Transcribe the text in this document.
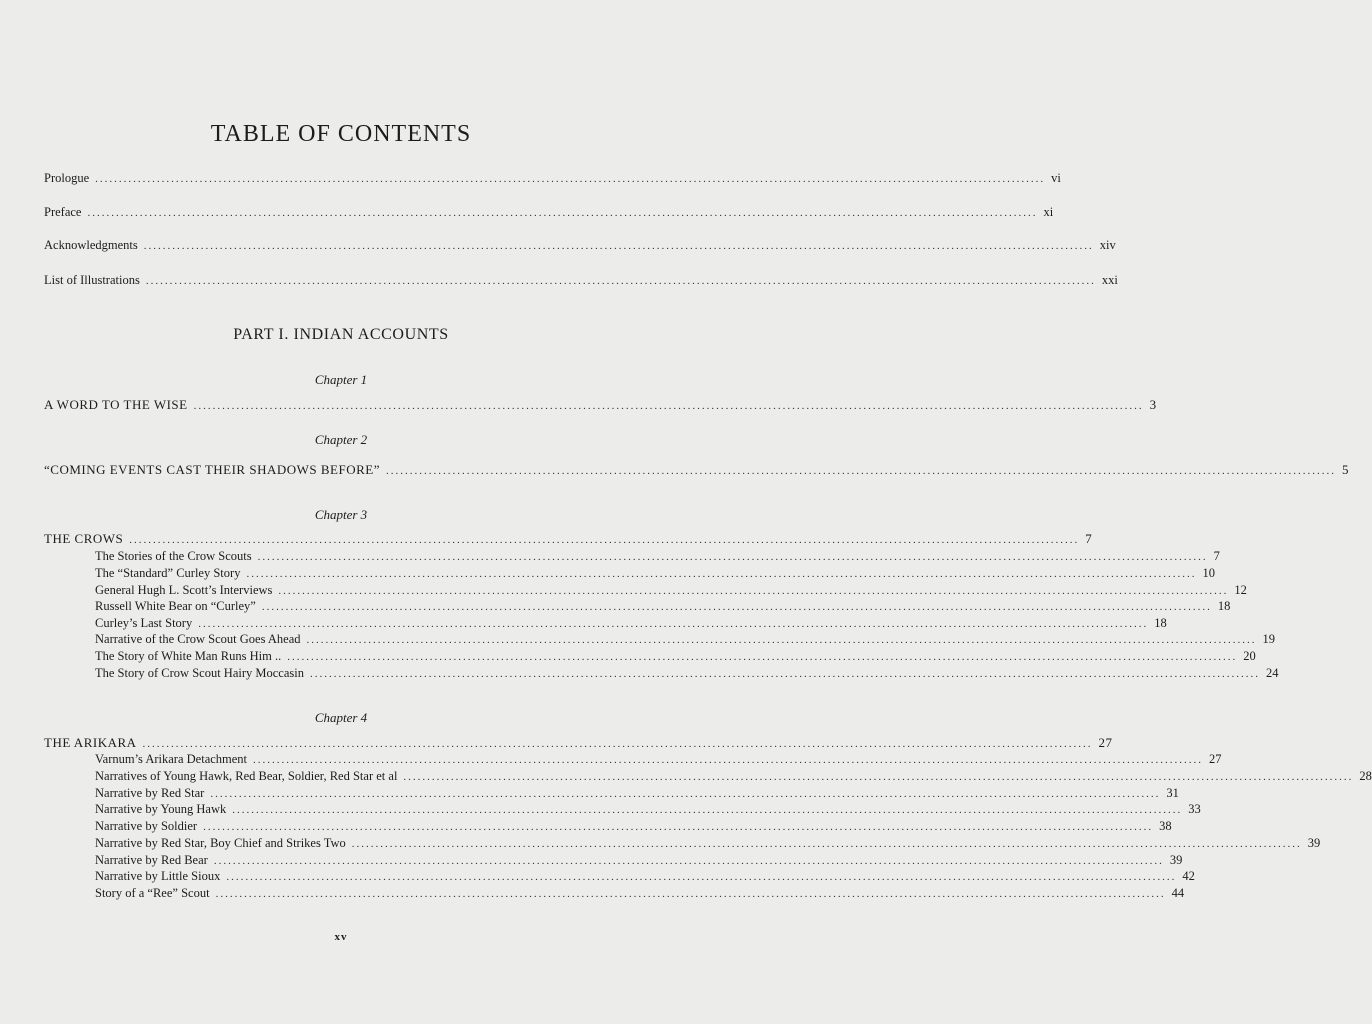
TABLE OF CONTENTS
Prologue ........................................................................................................................................................................................................ vi
Preface ........................................................................................................................................................................................................ xi
Acknowledgments ........................................................................................................................................................................................................ xiv
List of Illustrations ........................................................................................................................................................................................................ xxi
PART I. INDIAN ACCOUNTS
Chapter 1
A WORD TO THE WISE ........................................................................................................................................................................................................ 3
Chapter 2
“COMING EVENTS CAST THEIR SHADOWS BEFORE” ........................................................................................................................................................................................................ 5
Chapter 3
THE CROWS ........................................................................................................................................................................................................ 7
The Stories of the Crow Scouts ........................................................................................................................................................................................................ 7
The “Standard” Curley Story ........................................................................................................................................................................................................ 10
General Hugh L. Scott’s Interviews ........................................................................................................................................................................................................ 12
Russell White Bear on “Curley” ........................................................................................................................................................................................................ 18
Curley’s Last Story ........................................................................................................................................................................................................ 18
Narrative of the Crow Scout Goes Ahead ........................................................................................................................................................................................................ 19
The Story of White Man Runs Him .. ........................................................................................................................................................................................................ 20
The Story of Crow Scout Hairy Moccasin ........................................................................................................................................................................................................ 24
Chapter 4
THE ARIKARA ........................................................................................................................................................................................................ 27
Varnum’s Arikara Detachment ........................................................................................................................................................................................................ 27
Narratives of Young Hawk, Red Bear, Soldier, Red Star et al ........................................................................................................................................................................................................ 28
Narrative by Red Star ........................................................................................................................................................................................................ 31
Narrative by Young Hawk ........................................................................................................................................................................................................ 33
Narrative by Soldier ........................................................................................................................................................................................................ 38
Narrative by Red Star, Boy Chief and Strikes Two ........................................................................................................................................................................................................ 39
Narrative by Red Bear ........................................................................................................................................................................................................ 39
Narrative by Little Sioux ........................................................................................................................................................................................................ 42
Story of a “Ree” Scout ........................................................................................................................................................................................................ 44
xv
